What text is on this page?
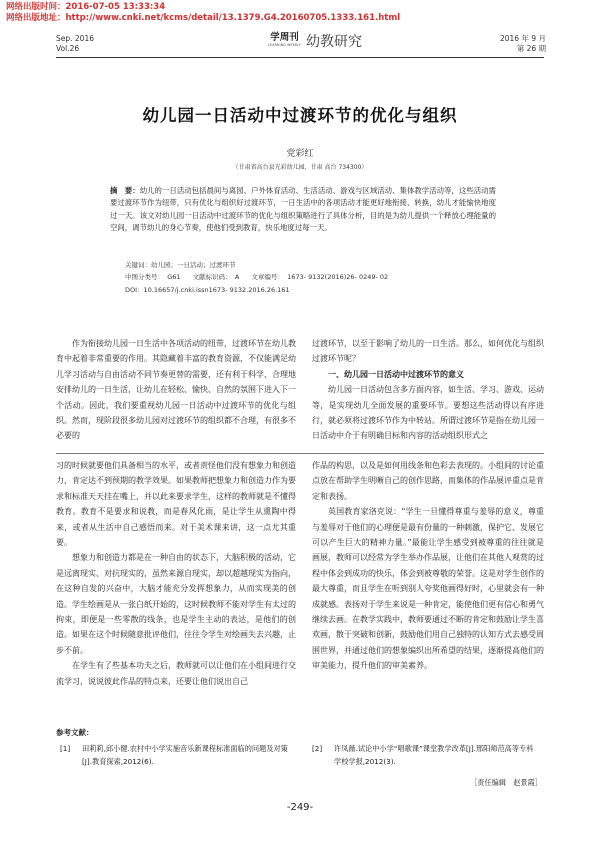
网络出版时间：2016-07-05 13:33:34
网络出版地址：http://www.cnki.net/kcms/detail/13.1379.G4.20160705.1333.161.html
Sep. 2016
Vol.26
学周刊
LEARNING WEEKLY 幼教研究	2016 年 9 月
第 26 期
幼儿园一日活动中过渡环节的优化与组织
党彩红
（甘肃省高台县光彩幼儿园，甘肃 高台 734300）
摘　要：幼儿的一日活动包括晨间与离园、户外体育活动、生活活动、游戏与区域活动、集体教学活动等，这些活动需要过渡环节作为纽带，只有优化与组织好过渡环节，一日生活中的各项活动才能更好地衔接、转换，幼儿才能愉快地度过一天。该文对幼儿园一日活动中过渡环节的优化与组织策略进行了具体分析，目的是为幼儿提供一个释放心理能量的空间，调节幼儿的身心节奏，使他们受到教育，快乐地度过每一天。
关键词：幼儿园；一日活动；过渡环节
中图分类号：　G61 文献标识码：　A 文章编号：　1673- 9132(2016)26- 0249- 02
DOI：10.16657/j.cnki.issn1673- 9132.2016.26.161

作为衔接幼儿园一日生活中各项活动的纽带，过渡环节在幼儿教育中起着非常重要的作用。其隐藏着丰富的教育资源，不仅能满足幼儿学习活动与自由活动不同节奏更替的需要，还有利于科学、合理地安排幼儿的一日生活，让幼儿在轻松、愉快、自然的氛围下进入下一个活动。因此，我们要重视幼儿园一日活动中过渡环节的优化与组织。然而，现阶段很多幼儿园对过渡环节的组织都不合理，有很多不必要的

过渡环节，以至于影响了幼儿的一日生活。那么，如何优化与组织过渡环节呢？

一、幼儿园一日活动中过渡环节的意义

幼儿园一日活动包含多方面内容，如生活、学习、游戏、运动等，是实现幼儿全面发展的重要环节。要想这些活动得以有序进行，就必须将过渡环节作为中转站。所谓过渡环节是指在幼儿园一日活动中介于有明确目标和内容的活动组织形式之

习的时候就要他们具备相当的水平，或者责怪他们没有想象力和创造力，肯定达不到预期的教学效果。如果教师把想象力和创造力作为要求和标准天天挂在嘴上，并以此来要求学生，这样的教师就是不懂得教育。教育不是要求和说教，而是春风化雨，是让学生从熏陶中得来，或者从生活中自己感悟而来。对于美术课来讲，这一点尤其重要。

想象力和创造力都是在一种自由的状态下，大脑积极的活动，它是远离现实、对抗现实的，虽然来源自现实，却以超越现实为指向，在这种自发的兴奋中，大脑才能充分发挥想象力，从而实现美的创造。学生绘画是从一张白纸开始的，这时候教师不能对学生有太过的拘束，即便是一些零散的线条，也是学生主动的表达，是他们的创造。如果在这个时候随意批评他们，往往令学生对绘画失去兴趣，止步不前。

在学生有了些基本功夫之后，教师就可以让他们在小组间进行交流学习，说说彼此作品的特点来，还要让他们说出自己

作品的构思，以及是如何用线条和色彩去表现的。小组间的讨论重点放在帮助学生明晰自己的创作思路，而集体的作品展评重点是肯定和表扬。

英国教育家洛克说：“学生一旦懂得尊重与羞辱的意义，尊重与羞辱对于他们的心理便是最有份量的一种刺激，保护它、发展它可以产生巨大的精神力量。”最能让学生感受到被尊重的往往就是画展，教师可以经常为学生举办作品展，让他们在其他人观赏的过程中体会到成功的快乐，体会到被尊敬的荣誉。这是对学生创作的最大尊重，而且学生在听到别人夸奖他画得好时，心里就会有一种成就感。表扬对于学生来说是一种肯定，能使他们更有信心和勇气继续去画。在教学实践中，教师要通过不断的肯定和鼓励让学生喜欢画，散于突破和创新，鼓励他们用自己独特的认知方式去感受周围世界，并通过他们的想象编织出所希望的结果，逐渐提高他们的审美能力，提升他们的审美素养。

参考文献：
[1]	田莉莉,邱小健.农村中小学实施音乐新课程标准面临的问题及对策[J].教育探索,2012(6).
[2]	许凤薇.试论中小学“唱歌课”课堂教学改革[J].邢阳师范高等专科学校学报,2012(3).
［责任编辑　赵景霞］
-249-
